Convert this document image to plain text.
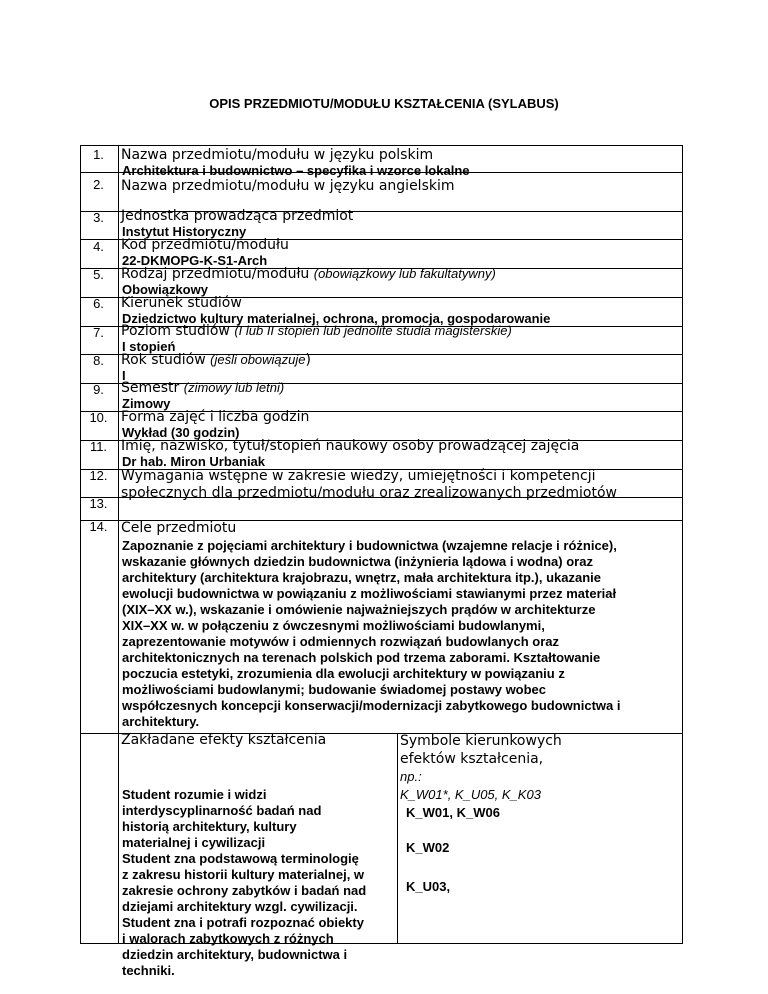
OPIS PRZEDMIOTU/MODUŁU KSZTAŁCENIA (SYLABUS)
1.
2.
3.
4.
5.
6.
7.
8.
9.
10.
11.
12.
13.
14.
Nazwa przedmiotu/modułu w języku polskim
Architektura i budownictwo – specyfika i wzorce lokalne
Nazwa przedmiotu/modułu w języku angielskim
Jednostka prowadząca przedmiot
Instytut Historyczny
Kod przedmiotu/modułu
22-DKMOPG-K-S1-Arch
Rodzaj przedmiotu/modułu (obowiązkowy lub fakultatywny)
Obowiązkowy
Kierunek studiów
Dziedzictwo kultury materialnej, ochrona, promocja, gospodarowanie
Poziom studiów (I lub II stopień lub jednolite studia magisterskie)
I stopień
Rok studiów (jeśli obowiązuje)
I
Semestr (zimowy lub letni)
Zimowy
Forma zajęć i liczba godzin
Wykład (30 godzin)
Imię, nazwisko, tytuł/stopień naukowy osoby prowadzącej zajęcia
Dr hab. Miron Urbaniak
Wymagania wstępne w zakresie wiedzy, umiejętności i kompetencji
społecznych dla przedmiotu/modułu oraz zrealizowanych przedmiotów
Cele przedmiotu
Zapoznanie z pojęciami architektury i budownictwa (wzajemne relacje i różnice),
wskazanie głównych dziedzin budownictwa (inżynieria lądowa i wodna) oraz
architektury (architektura krajobrazu, wnętrz, mała architektura itp.), ukazanie
ewolucji budownictwa w powiązaniu z możliwościami stawianymi przez materiał
(XIX–XX w.), wskazanie i omówienie najważniejszych prądów w architekturze
XIX–XX w. w połączeniu z ówczesnymi możliwościami budowlanymi,
zaprezentowanie motywów i odmiennych rozwiązań budowlanych oraz
architektonicznych na terenach polskich pod trzema zaborami. Kształtowanie
poczucia estetyki, zrozumienia dla ewolucji architektury w powiązaniu z
możliwościami budowlanymi; budowanie świadomej postawy wobec
współczesnych koncepcji konserwacji/modernizacji zabytkowego budownictwa i
architektury.
Zakładane efekty kształcenia	Symbole kierunkowych
efektów kształcenia,
np.:
K_W01*, K_U05, K_K03
Student rozumie i widzi
interdyscyplinarność badań nad
historią architektury, kultury
materialnej i cywilizacji
K_W01, K_W06
Student zna podstawową terminologię
z zakresu historii kultury materialnej, w
zakresie ochrony zabytków i badań nad
dziejami architektury wzgl. cywilizacji.
K_W02
Student zna i potrafi rozpoznać obiekty
i walorach zabytkowych z różnych
dziedzin architektury, budownictwa i
techniki.
K_U03,
